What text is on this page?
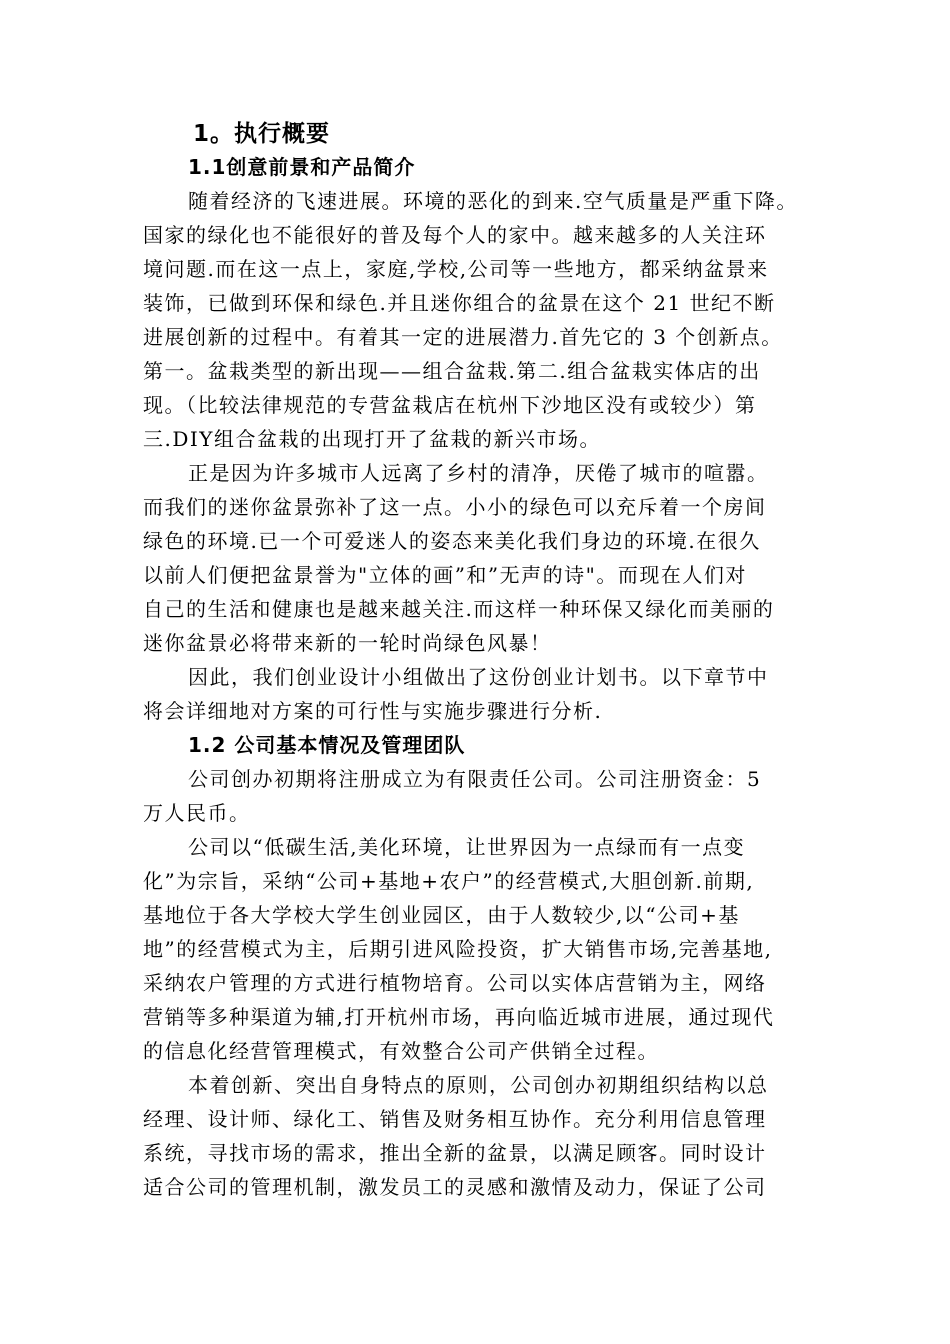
1。执行概要
1.1创意前景和产品简介
随着经济的飞速进展。环境的恶化的到来.空气质量是严重下降。
国家的绿化也不能很好的普及每个人的家中。越来越多的人关注环
境问题.而在这一点上，家庭,学校,公司等一些地方，都采纳盆景来
装饰，已做到环保和绿色.并且迷你组合的盆景在这个 21 世纪不断
进展创新的过程中。有着其一定的进展潜力.首先它的 3 个创新点。
第一。盆栽类型的新出现——组合盆栽.第二.组合盆栽实体店的出
现。（比较法律规范的专营盆栽店在杭州下沙地区没有或较少）第
三.DIY组合盆栽的出现打开了盆栽的新兴市场。
正是因为许多城市人远离了乡村的清净，厌倦了城市的喧嚣。
而我们的迷你盆景弥补了这一点。小小的绿色可以充斥着一个房间
绿色的环境.已一个可爱迷人的姿态来美化我们身边的环境.在很久
以前人们便把盆景誉为"立体的画”和”无声的诗"。而现在人们对
自己的生活和健康也是越来越关注.而这样一种环保又绿化而美丽的
迷你盆景必将带来新的一轮时尚绿色风暴！
因此，我们创业设计小组做出了这份创业计划书。以下章节中
将会详细地对方案的可行性与实施步骤进行分析.
1.2 公司基本情况及管理团队
公司创办初期将注册成立为有限责任公司。公司注册资金：5
万人民币。
公司以“低碳生活,美化环境，让世界因为一点绿而有一点变
化”为宗旨，采纳“公司+基地+农户”的经营模式,大胆创新.前期,
基地位于各大学校大学生创业园区，由于人数较少,以“公司+基
地”的经营模式为主，后期引进风险投资，扩大销售市场,完善基地,
采纳农户管理的方式进行植物培育。公司以实体店营销为主，网络
营销等多种渠道为辅,打开杭州市场，再向临近城市进展，通过现代
的信息化经营管理模式，有效整合公司产供销全过程。
本着创新、突出自身特点的原则，公司创办初期组织结构以总
经理、设计师、绿化工、销售及财务相互协作。充分利用信息管理
系统，寻找市场的需求，推出全新的盆景，以满足顾客。同时设计
适合公司的管理机制，激发员工的灵感和激情及动力，保证了公司
